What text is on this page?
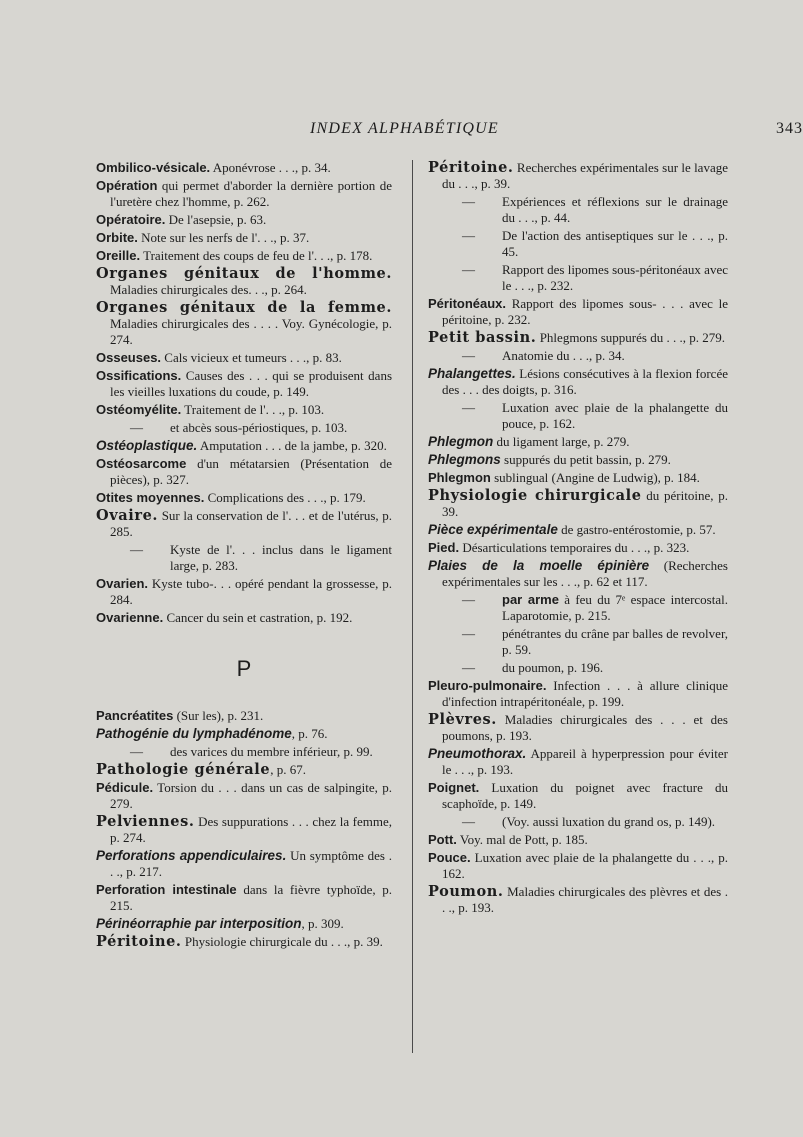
INDEX ALPHABÉTIQUE	343
Ombilico-vésicale. Aponévrose . . ., p. 34.
Opération qui permet d'aborder la dernière portion de l'uretère chez l'homme, p. 262.
Opératoire. De l'asepsie, p. 63.
Orbite. Note sur les nerfs de l'. . ., p. 37.
Oreille. Traitement des coups de feu de l'. . ., p. 178.
Organes génitaux de l'homme. Maladies chirurgicales des. . ., p. 264.
Organes génitaux de la femme. Maladies chirurgicales des . . . . Voy. Gynécologie, p. 274.
Osseuses. Cals vicieux et tumeurs . . ., p. 83.
Ossifications. Causes des . . . qui se produisent dans les vieilles luxations du coude, p. 149.
Ostéomyélite. Traitement de l'. . ., p. 103.
— et abcès sous-périostiques, p. 103.
Ostéoplastique. Amputation . . . de la jambe, p. 320.
Ostéosarcome d'un métatarsien (Présentation de pièces), p. 327.
Otites moyennes. Complications des . . ., p. 179.
Ovaire. Sur la conservation de l'. . . et de l'utérus, p. 285.
— Kyste de l'. . . inclus dans le ligament large, p. 283.
Ovarien. Kyste tubo-. . . opéré pendant la grossesse, p. 284.
Ovarienne. Cancer du sein et castration, p. 192.
P
Pancréatites (Sur les), p. 231.
Pathogénie du lymphadénome, p. 76.
— des varices du membre inférieur, p. 99.
Pathologie générale, p. 67.
Pédicule. Torsion du . . . dans un cas de salpingite, p. 279.
Pelviennes. Des suppurations . . . chez la femme, p. 274.
Perforations appendiculaires. Un symptôme des . . ., p. 217.
Perforation intestinale dans la fièvre typhoïde, p. 215.
Périnéorraphie par interposition, p. 309.
Péritoine. Physiologie chirurgicale du . . ., p. 39.
Péritoine. Recherches expérimentales sur le lavage du . . ., p. 39.
— Expériences et réflexions sur le drainage du . . ., p. 44.
— De l'action des antiseptiques sur le . . ., p. 45.
— Rapport des lipomes sous-péritonéaux avec le . . ., p. 232.
Péritonéaux. Rapport des lipomes sous- . . . avec le péritoine, p. 232.
Petit bassin. Phlegmons suppurés du . . ., p. 279.
— Anatomie du . . ., p. 34.
Phalangettes. Lésions consécutives à la flexion forcée des . . . des doigts, p. 316.
— Luxation avec plaie de la phalangette du pouce, p. 162.
Phlegmon du ligament large, p. 279.
Phlegmons suppurés du petit bassin, p. 279.
Phlegmon sublingual (Angine de Ludwig), p. 184.
Physiologie chirurgicale du péritoine, p. 39.
Pièce expérimentale de gastro-entérostomie, p. 57.
Pied. Désarticulations temporaires du . . ., p. 323.
Plaies de la moelle épinière (Recherches expérimentales sur les . . ., p. 62 et 117.
— par arme à feu du 7ᵉ espace intercostal. Laparotomie, p. 215.
— pénétrantes du crâne par balles de revolver, p. 59.
— du poumon, p. 196.
Pleuro-pulmonaire. Infection . . . à allure clinique d'infection intrapéritonéale, p. 199.
Plèvres. Maladies chirurgicales des . . . et des poumons, p. 193.
Pneumothorax. Appareil à hyperpression pour éviter le . . ., p. 193.
Poignet. Luxation du poignet avec fracture du scaphoïde, p. 149.
— (Voy. aussi luxation du grand os, p. 149).
Pott. Voy. mal de Pott, p. 185.
Pouce. Luxation avec plaie de la phalangette du . . ., p. 162.
Poumon. Maladies chirurgicales des plèvres et des . . ., p. 193.
